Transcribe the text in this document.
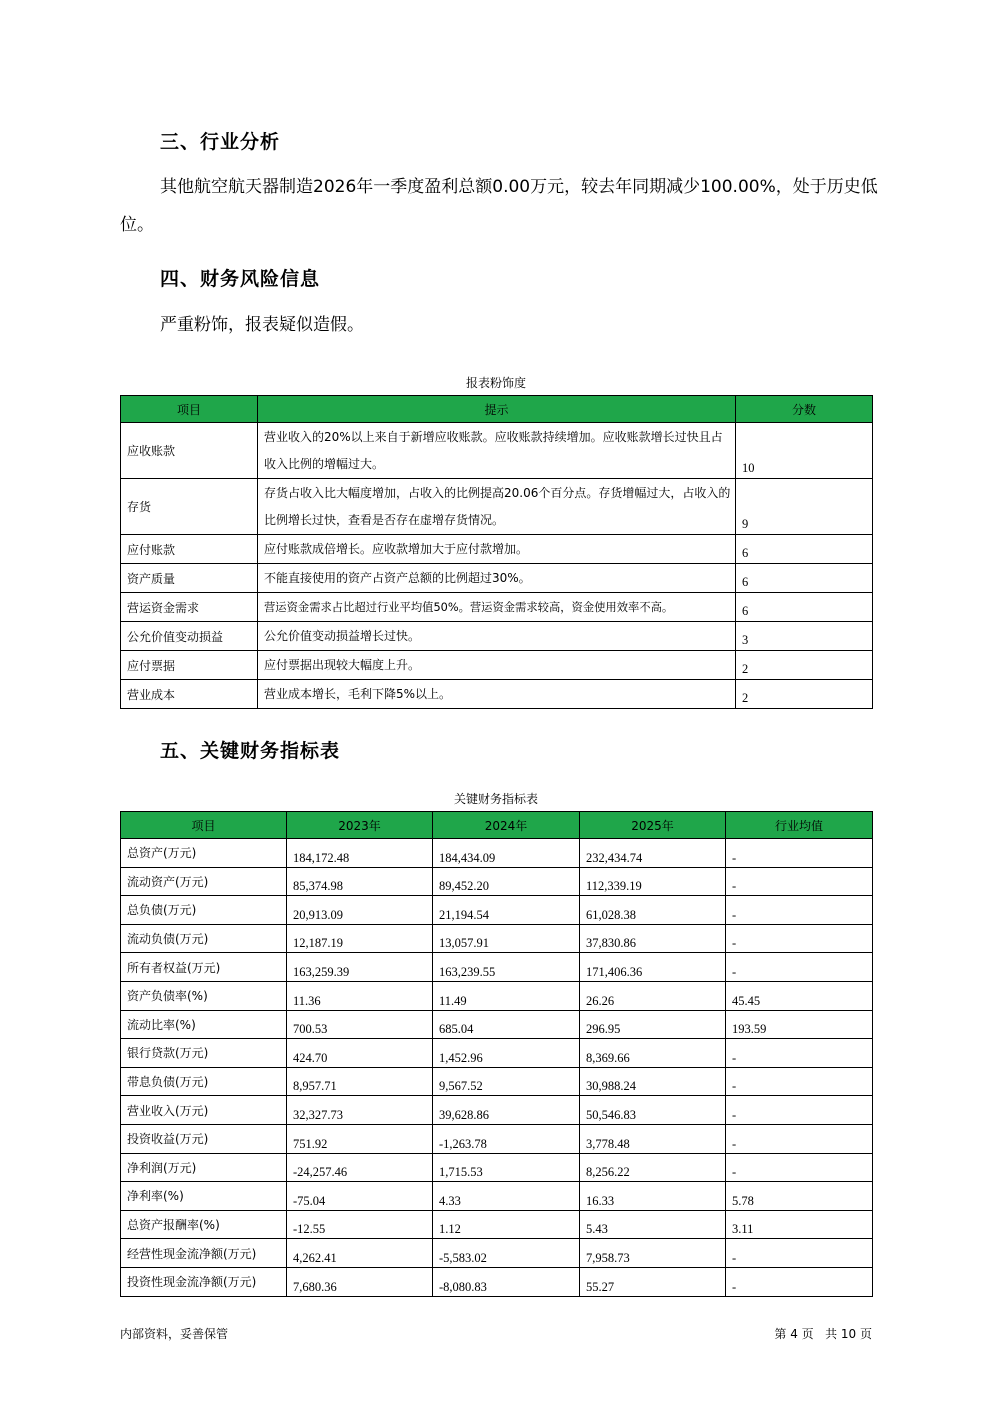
三、行业分析

其他航空航天器制造2026年一季度盈利总额0.00万元，较去年同期减少100.00%，处于历史低位。

四、财务风险信息

严重粉饰，报表疑似造假。

报表粉饰度
项目	提示	分数
应收账款	营业收入的20%以上来自于新增应收账款。应收账款持续增加。应收账款增长过快且占收入比例的增幅过大。	10
存货	存货占收入比大幅度增加，占收入的比例提高20.06个百分点。存货增幅过大，占收入的比例增长过快，查看是否存在虚增存货情况。	9
应付账款	应付账款成倍增长。应收款增加大于应付款增加。	6
资产质量	不能直接使用的资产占资产总额的比例超过30%。	6
营运资金需求	营运资金需求占比超过行业平均值50%。营运资金需求较高，资金使用效率不高。	6
公允价值变动损益	公允价值变动损益增长过快。	3
应付票据	应付票据出现较大幅度上升。	2
营业成本	营业成本增长，毛利下降5%以上。	2
五、关键财务指标表
关键财务指标表
项目	2023年	2024年	2025年	行业均值
总资产(万元)	184,172.48	184,434.09	232,434.74	-
流动资产(万元)	85,374.98	89,452.20	112,339.19	-
总负债(万元)	20,913.09	21,194.54	61,028.38	-
流动负债(万元)	12,187.19	13,057.91	37,830.86	-
所有者权益(万元)	163,259.39	163,239.55	171,406.36	-
资产负债率(%)	11.36	11.49	26.26	45.45
流动比率(%)	700.53	685.04	296.95	193.59
银行贷款(万元)	424.70	1,452.96	8,369.66	-
带息负债(万元)	8,957.71	9,567.52	30,988.24	-
营业收入(万元)	32,327.73	39,628.86	50,546.83	-
投资收益(万元)	751.92	-1,263.78	3,778.48	-
净利润(万元)	-24,257.46	1,715.53	8,256.22	-
净利率(%)	-75.04	4.33	16.33	5.78
总资产报酬率(%)	-12.55	1.12	5.43	3.11
经营性现金流净额(万元)	4,262.41	-5,583.02	7,958.73	-
投资性现金流净额(万元)	7,680.36	-8,080.83	55.27	-
内部资料，妥善保管	第 4 页   共 10 页
